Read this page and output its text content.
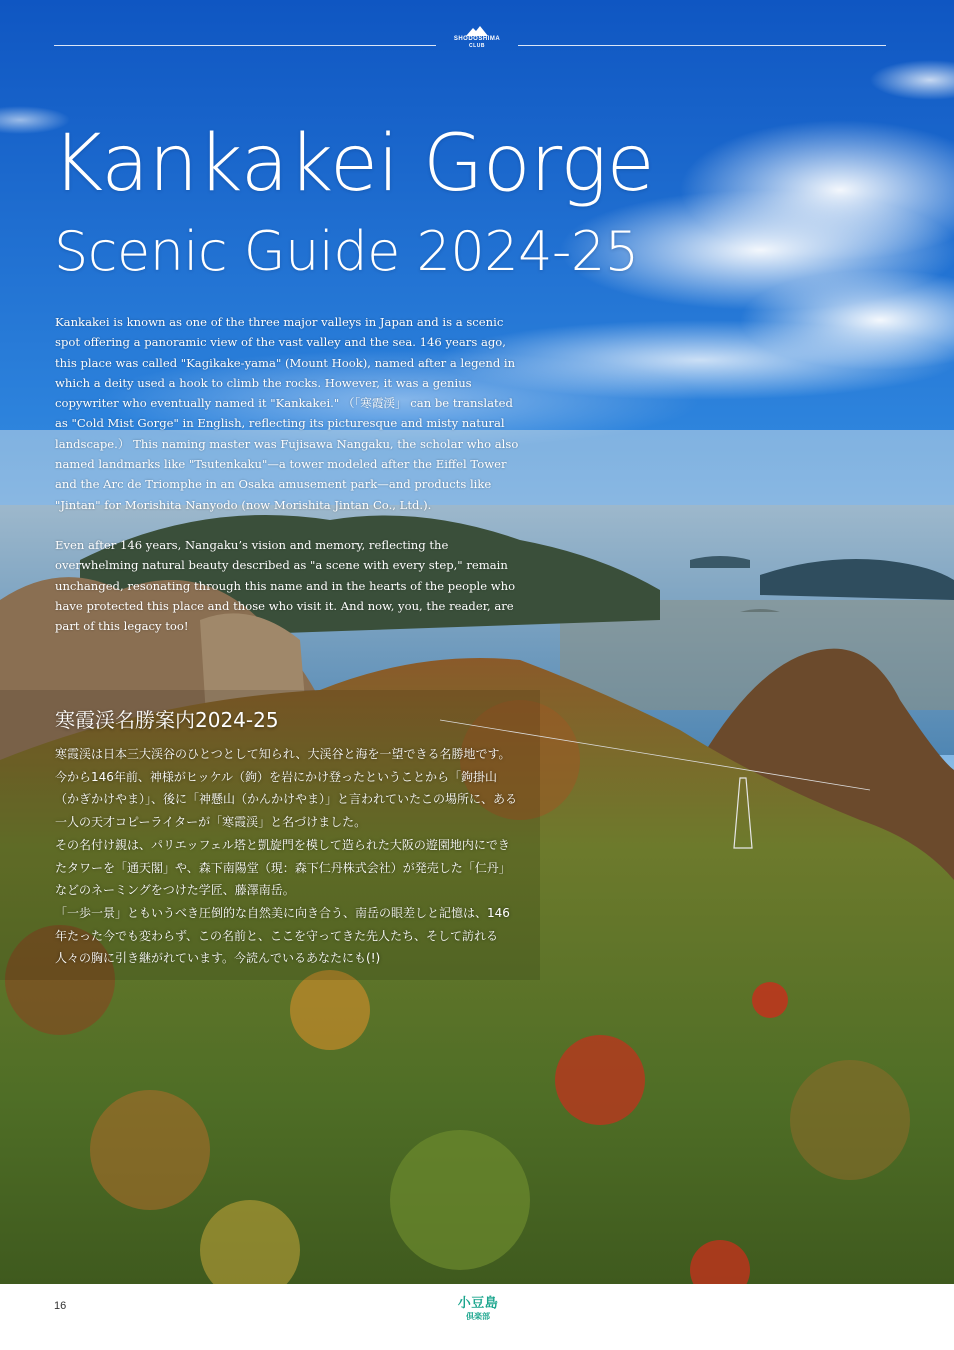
SHODOSHIMA
CLUB
Kankakei Gorge
Scenic Guide 2024-25

Kankakei is known as one of the three major valleys in Japan and is a scenic spot offering a panoramic view of the vast valley and the sea. 146 years ago, this place was called "Kagikake-yama" (Mount Hook), named after a legend in which a deity used a hook to climb the rocks. However, it was a genius copywriter who eventually named it "Kankakei." （「寒霞渓」 can be translated as "Cold Mist Gorge" in English, reflecting its picturesque and misty natural landscape.） This naming master was Fujisawa Nangaku, the scholar who also named landmarks like "Tsutenkaku"—a tower modeled after the Eiffel Tower and the Arc de Triomphe in an Osaka amusement park—and products like "Jintan" for Morishita Nanyodo (now Morishita Jintan Co., Ltd.).

Even after 146 years, Nangaku’s vision and memory, reflecting the overwhelming natural beauty described as "a scene with every step," remain unchanged, resonating through this name and in the hearts of the people who have protected this place and those who visit it. And now, you, the reader, are part of this legacy too!

寒霞渓名勝案内2024-25

寒霞渓は日本三大渓谷のひとつとして知られ、大渓谷と海を一望できる名勝地です。今から146年前、神様がヒッケル（鉤）を岩にかけ登ったということから「鉤掛山（かぎかけやま）」、後に「神懸山（かんかけやま）」と言われていたこの場所に、ある一人の天才コピーライターが「寒霞渓」と名づけました。

その名付け親は、パリエッフェル塔と凱旋門を模して造られた大阪の遊園地内にできたタワーを「通天閣」や、森下南陽堂（現：森下仁丹株式会社）が発売した「仁丹」などのネーミングをつけた学匠、藤澤南岳。

「一歩一景」ともいうべき圧倒的な自然美に向き合う、南岳の眼差しと記憶は、146年たった今でも変わらず、この名前と、ここを守ってきた先人たち、そして訪れる人々の胸に引き継がれています。今読んでいるあなたにも(!)

16	小豆島
倶楽部
